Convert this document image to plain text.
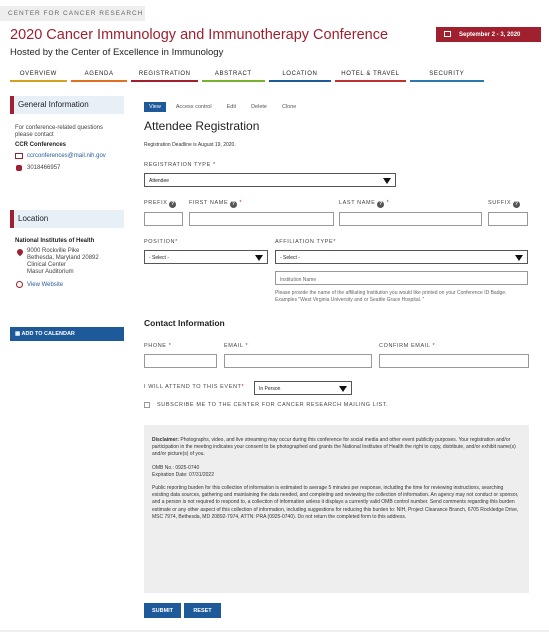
CENTER FOR CANCER RESEARCH
2020 Cancer Immunology and Immunotherapy Conference
Hosted by the Center of Excellence in Immunology
September 2 - 3, 2020
OVERVIEW	AGENDA	REGISTRATION	ABSTRACT	LOCATION	HOTEL & TRAVEL	SECURITY
General Information
For conference-related questions please contact
CCR Conferences
ccrconferences@mail.nih.gov
3018466957
Location
National Institutes of Health
9000 Rockville Pike
Bethesda, Maryland 20892
Clinical Center
Masur Auditorium
View Website
▦ ADD TO CALENDAR
View	Access control	Edit	Delete	Clone
Attendee Registration
Registration Deadline is August 19, 2020.
REGISTRATION TYPE *
Attendee
PREFIX ?	FIRST NAME ? *	LAST NAME ? *	SUFFIX ?
POSITION*	AFFILIATION TYPE*
- Select -	- Select -
Institution Name
Please provide the name of the affiliating Institution you would like printed on your Conference ID Badge. Examples "West Virginia University and or Seattle Grace Hospital. "
Contact Information
PHONE *	EMAIL *	CONFIRM EMAIL *
I WILL ATTEND TO THIS EVENT*	In Person
SUBSCRIBE ME TO THE CENTER FOR CANCER RESEARCH MAILING LIST.

Disclaimer: Photographs, video, and live streaming may occur during this conference for social media and other event publicity purposes. Your registration and/or participation in the meeting indicates your consent to be photographed and grants the National Institutes of Health the right to copy, distribute, and/or exhibit name(s) and/or picture(s) of you.

OMB No.: 0925-0740

Expiration Date: 07/31/2022

Public reporting burden for this collection of information is estimated to average 5 minutes per response, including the time for reviewing instructions, searching existing data sources, gathering and maintaining the data needed, and completing and reviewing the collection of information. An agency may not conduct or sponsor, and a person is not required to respond to, a collection of information unless it displays a currently valid OMB control number. Send comments regarding this burden estimate or any other aspect of this collection of information, including suggestions for reducing this burden to: NIH, Project Clearance Branch, 6705 Rockledge Drive, MSC 7974, Bethesda, MD 20892-7974, ATTN: PRA (0925-0740). Do not return the completed form to this address.

SUBMIT	RESET
